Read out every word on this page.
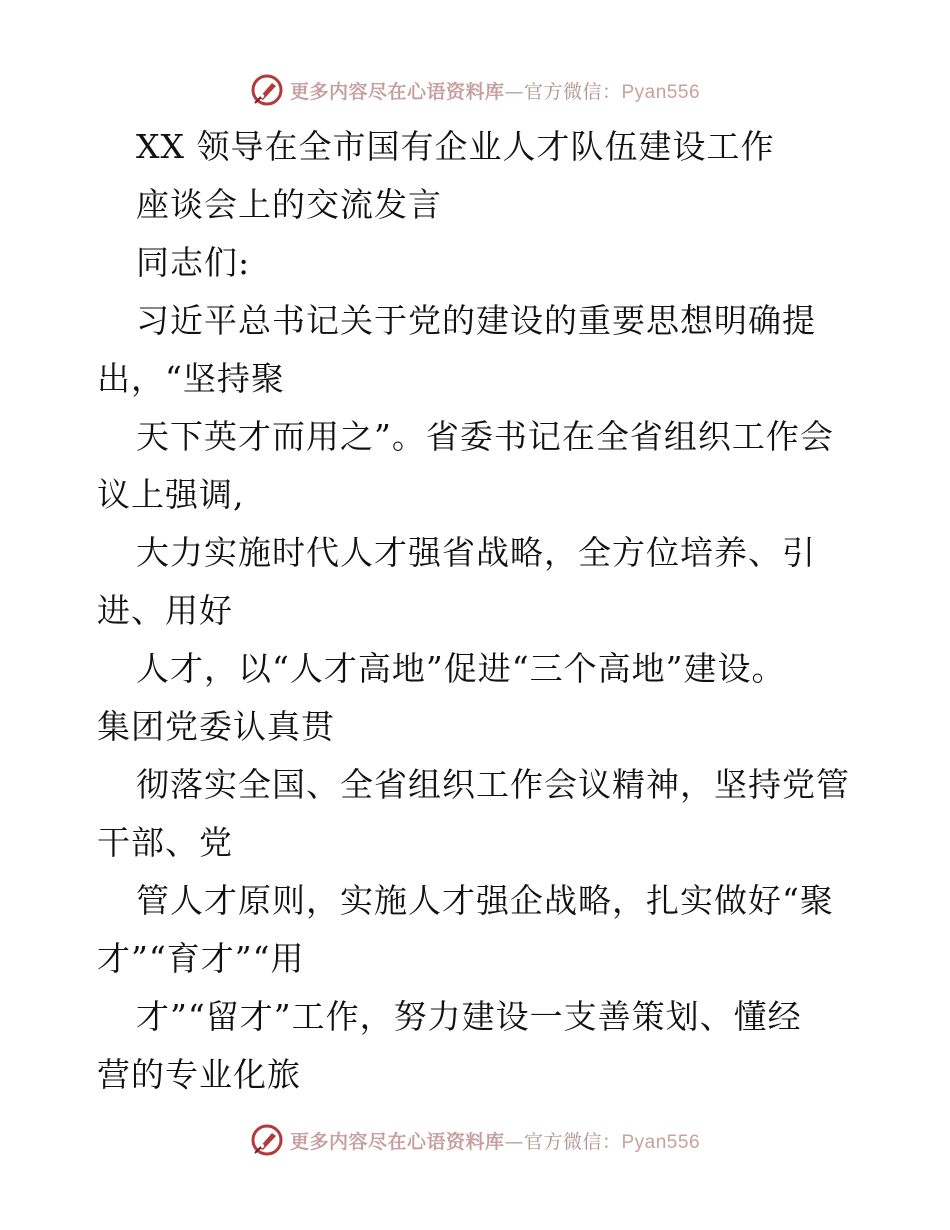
更多内容尽在心语资料库—官方微信：Pyan556
XX 领导在全市国有企业人才队伍建设工作
座谈会上的交流发言
同志们:
习近平总书记关于党的建设的重要思想明确提
出，“坚持聚
天下英才而用之”。省委书记在全省组织工作会
议上强调,
大力实施时代人才强省战略，全方位培养、引
进、用好
人才，以“人才高地”促进“三个高地”建设。
集团党委认真贯
彻落实全国、全省组织工作会议精神，坚持党管
干部、党
管人才原则，实施人才强企战略，扎实做好“聚
才”“育才”“用
才”“留才”工作，努力建设一支善策划、懂经
营的专业化旅
更多内容尽在心语资料库—官方微信：Pyan556
